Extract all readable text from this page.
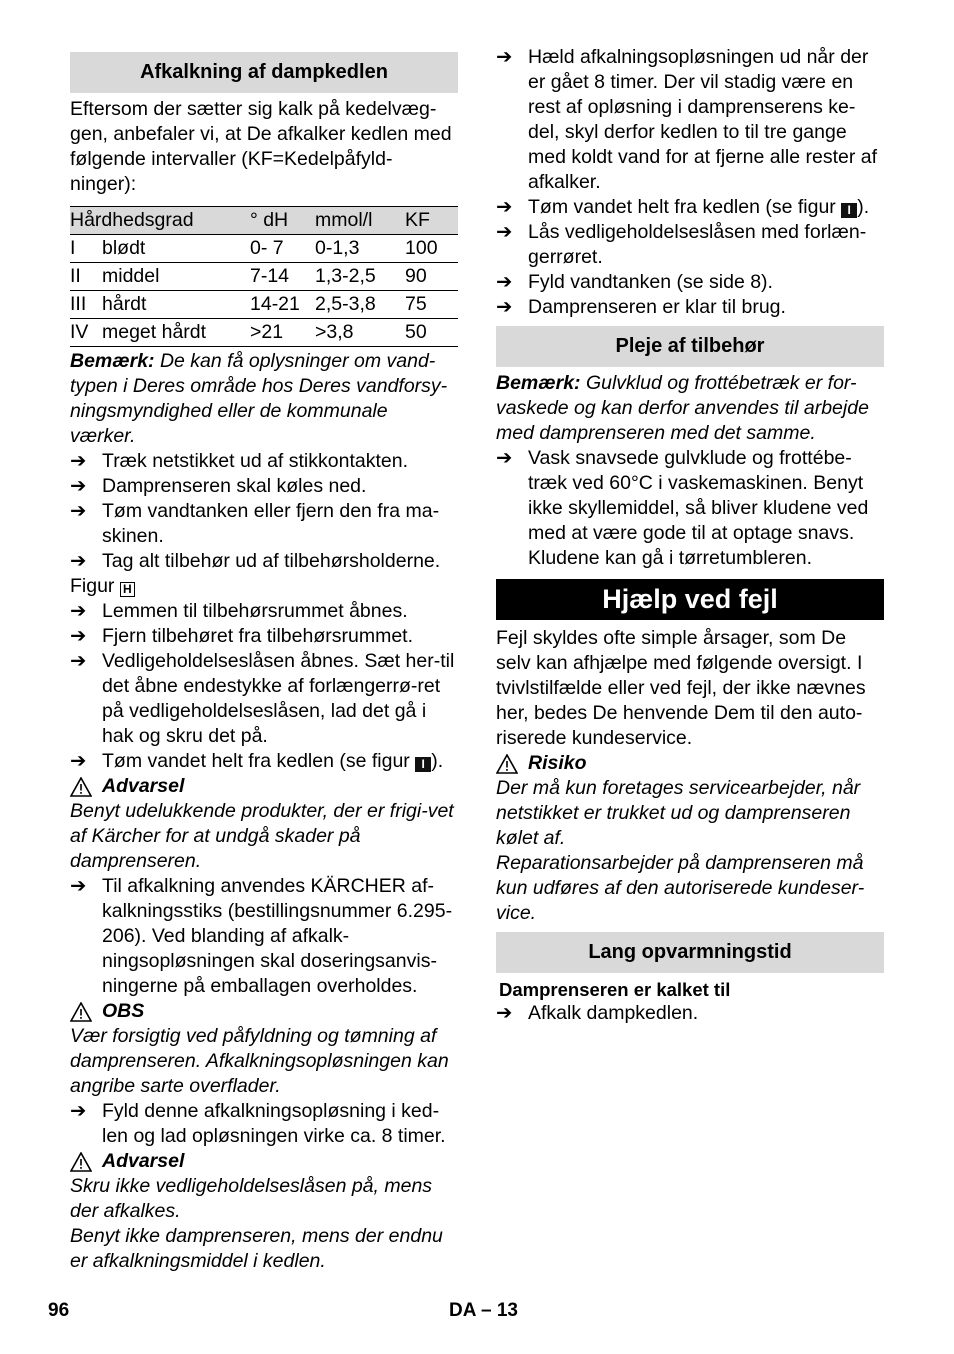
Afkalkning af dampkedlen

Eftersom der sætter sig kalk på kedelvæg-gen, anbefaler vi, at De afkalker kedlen med følgende intervaller (KF=Kedelpåfyld-ninger):

Hårdhedsgrad		° dH	mmol/l	KF
I	blødt	0- 7	0-1,3	100
II	middel	7-14	1,3-2,5	90
III	hårdt	14-21	2,5-3,8	75
IV	meget hårdt	>21	>3,8	50

Bemærk: De kan få oplysninger om vand-typen i Deres område hos Deres vandforsy-ningsmyndighed eller de kommunale værker.

➔ Træk netstikket ud af stikkontakten.
➔ Damprenseren skal køles ned.
➔ Tøm vandtanken eller fjern den fra ma-skinen.
➔ Tag alt tilbehør ud af tilbehørsholderne.

Figur H

➔ Lemmen til tilbehørsrummet åbnes.
➔ Fjern tilbehøret fra tilbehørsrummet.
➔ Vedligeholdelseslåsen åbnes. Sæt her-til det åbne endestykke af forlængerrø-ret på vedligeholdelseslåsen, lad det gå i hak og skru det på.
➔ Tøm vandet helt fra kedlen (se figur I ).
Advarsel

Benyt udelukkende produkter, der er frigi-vet af Kärcher for at undgå skader på damprenseren.

➔ Til afkalkning anvendes KÄRCHER af-kalkningsstiks (bestillingsnummer 6.295-206). Ved blanding af afkalk-ningsopløsningen skal doseringsanvis-ningerne på emballagen overholdes.
OBS

Vær forsigtig ved påfyldning og tømning af damprenseren. Afkalkningsopløsningen kan angribe sarte overflader.

➔ Fyld denne afkalkningsopløsning i ked-len og lad opløsningen virke ca. 8 timer.
Advarsel

Skru ikke vedligeholdelseslåsen på, mens der afkalkes.

Benyt ikke damprenseren, mens der endnu er afkalkningsmiddel i kedlen.

➔ Hæld afkalningsopløsningen ud når der er gået 8 timer. Der vil stadig være en rest af opløsning i damprenserens ke-del, skyl derfor kedlen to til tre gange med koldt vand for at fjerne alle rester af afkalker.
➔ Tøm vandet helt fra kedlen (se figur I ).
➔ Lås vedligeholdelseslåsen med forlæn-gerrøret.
➔ Fyld vandtanken (se side 8).
➔ Damprenseren er klar til brug.
Pleje af tilbehør

Bemærk: Gulvklud og frottébetræk er for-vaskede og kan derfor anvendes til arbejde med damprenseren med det samme.

➔ Vask snavsede gulvklude og frottébe-træk ved 60°C i vaskemaskinen. Benyt ikke skyllemiddel, så bliver kludene ved med at være gode til at optage snavs. Kludene kan gå i tørretumbleren.
Hjælp ved fejl

Fejl skyldes ofte simple årsager, som De selv kan afhjælpe med følgende oversigt. I tvivlstilfælde eller ved fejl, der ikke nævnes her, bedes De henvende Dem til den auto-riserede kundeservice.

Risiko

Der må kun foretages servicearbejder, når netstikket er trukket ud og damprenseren kølet af.

Reparationsarbejder på damprenseren må kun udføres af den autoriserede kundeser-vice.

Lang opvarmningstid
Damprenseren er kalket til
➔ Afkalk dampkedlen.
96	DA – 13
